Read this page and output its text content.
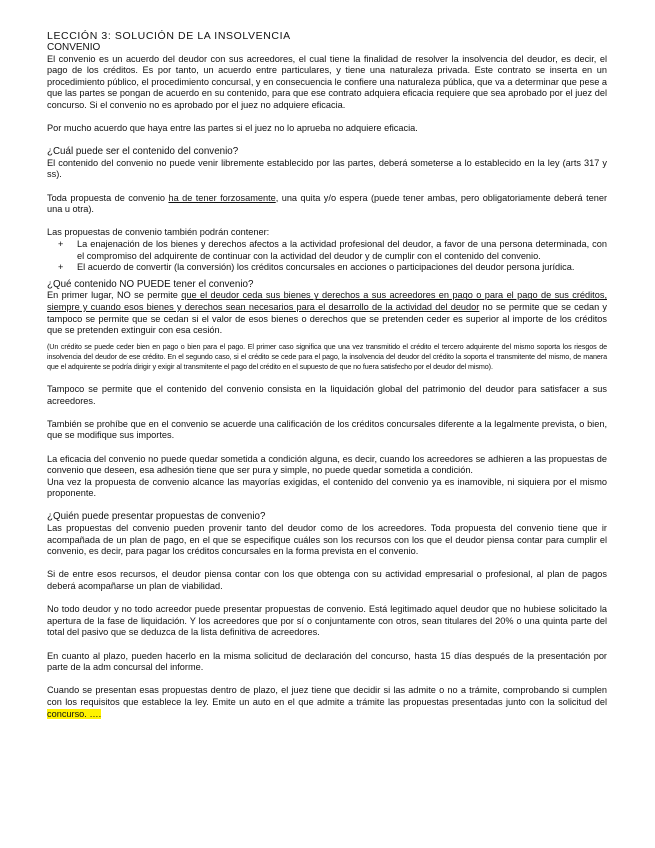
LECCIÓN 3: SOLUCIÓN DE LA INSOLVENCIA
CONVENIO

El convenio es un acuerdo del deudor con sus acreedores, el cual tiene la finalidad de resolver la insolvencia del deudor, es decir, el pago de los créditos. Es por tanto, un acuerdo entre particulares, y tiene una naturaleza privada. Este contrato se inserta en un procedimiento público, el procedimiento concursal, y en consecuencia le confiere una naturaleza pública, que va a determinar que pese a que las partes se pongan de acuerdo en su contenido, para que ese contrato adquiera eficacia requiere que sea aprobado por el juez del concurso. Si el convenio no es aprobado por el juez no adquiere eficacia.

Por mucho acuerdo que haya entre las partes si el juez no lo aprueba no adquiere eficacia.

¿Cuál puede ser el contenido del convenio?

El contenido del convenio no puede venir libremente establecido por las partes, deberá someterse a lo establecido en la ley (arts 317 y ss).

Toda propuesta de convenio ha de tener forzosamente, una quita y/o espera (puede tener ambas, pero obligatoriamente deberá tener una u otra).

Las propuestas de convenio también podrán contener:

+ La enajenación de los bienes y derechos afectos a la actividad profesional del deudor, a favor de una persona determinada, con el compromiso del adquirente de continuar con la actividad del deudor y de cumplir con el contenido del convenio.
+ El acuerdo de convertir (la conversión) los créditos concursales en acciones o participaciones del deudor persona jurídica.
¿Qué contenido NO PUEDE tener el convenio?

En primer lugar, NO se permite que el deudor ceda sus bienes y derechos a sus acreedores en pago o para el pago de sus créditos, siempre y cuando esos bienes y derechos sean necesarios para el desarrollo de la actividad del deudor no se permite que se cedan y tampoco se permite que se cedan si el valor de esos bienes o derechos que se pretenden ceder es superior al importe de los créditos que se pretenden extinguir con esa cesión.

(Un crédito se puede ceder bien en pago o bien para el pago. El primer caso significa que una vez transmitido el crédito el tercero adquirente del mismo soporta los riesgos de insolvencia del deudor de ese crédito. En el segundo caso, si el crédito se cede para el pago, la insolvencia del deudor del crédito la soporta el transmitente del mismo, de manera que el adquirente se podría dirigir y exigir al transmitente el pago del crédito en el supuesto de que no fuera satisfecho por el deudor del mismo).

Tampoco se permite que el contenido del convenio consista en la liquidación global del patrimonio del deudor para satisfacer a sus acreedores.

También se prohíbe que en el convenio se acuerde una calificación de los créditos concursales diferente a la legalmente prevista, o bien, que se modifique sus importes.

La eficacia del convenio no puede quedar sometida a condición alguna, es decir, cuando los acreedores se adhieren a las propuestas de convenio que deseen, esa adhesión tiene que ser pura y simple, no puede quedar sometida a condición.

Una vez la propuesta de convenio alcance las mayorías exigidas, el contenido del convenio ya es inamovible, ni siquiera por el mismo proponente.

¿Quién puede presentar propuestas de convenio?

Las propuestas del convenio pueden provenir tanto del deudor como de los acreedores. Toda propuesta del convenio tiene que ir acompañada de un plan de pago, en el que se especifique cuáles son los recursos con los que el deudor piensa contar para cumplir el convenio, es decir, para pagar los créditos concursales en la forma prevista en el convenio.

Si de entre esos recursos, el deudor piensa contar con los que obtenga con su actividad empresarial o profesional, al plan de pagos deberá acompañarse un plan de viabilidad.

No todo deudor y no todo acreedor puede presentar propuestas de convenio. Está legitimado aquel deudor que no hubiese solicitado la apertura de la fase de liquidación. Y los acreedores que por sí o conjuntamente con otros, sean titulares del 20% o una quinta parte del total del pasivo que se deduzca de la lista definitiva de acreedores.

En cuanto al plazo, pueden hacerlo en la misma solicitud de declaración del concurso, hasta 15 días después de la presentación por parte de la adm concursal del informe.

Cuando se presentan esas propuestas dentro de plazo, el juez tiene que decidir si las admite o no a trámite, comprobando si cumplen con los requisitos que establece la ley. Emite un auto en el que admite a trámite las propuestas presentadas junto con la solicitud del concurso. ….
